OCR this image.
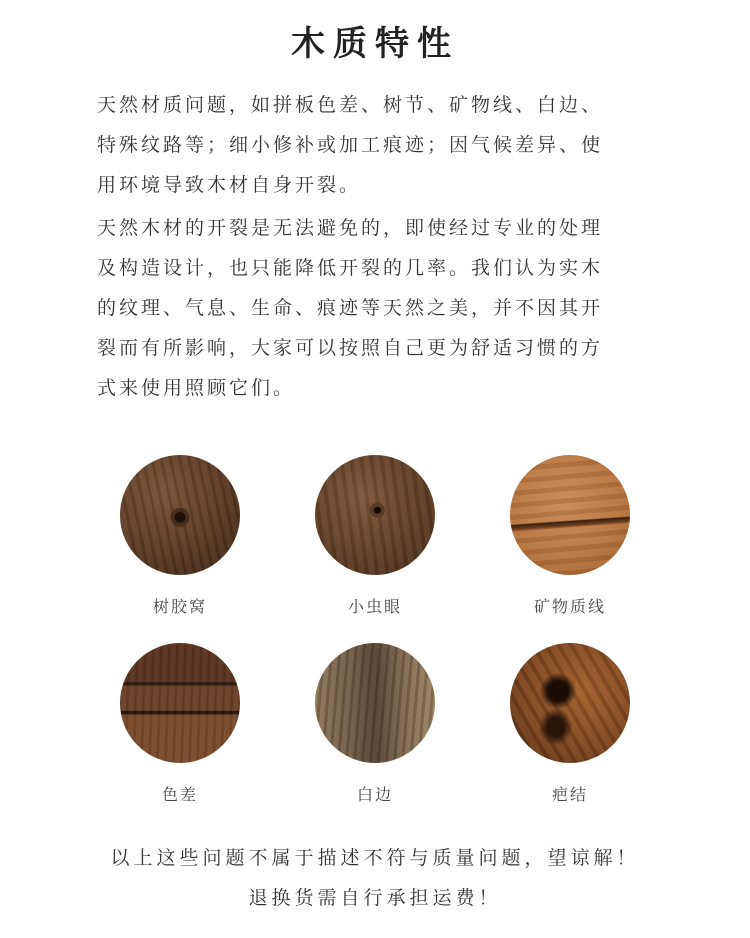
木质特性
天然材质问题，如拼板色差、树节、矿物线、白边、
特殊纹路等；细小修补或加工痕迹；因气候差异、使
用环境导致木材自身开裂。
天然木材的开裂是无法避免的，即使经过专业的处理
及构造设计，也只能降低开裂的几率。我们认为实木
的纹理、气息、生命、痕迹等天然之美，并不因其开
裂而有所影响，大家可以按照自己更为舒适习惯的方
式来使用照顾它们。
树胶窝	小虫眼	矿物质线
色差	白边	疤结
以上这些问题不属于描述不符与质量问题，望谅解！
退换货需自行承担运费！
